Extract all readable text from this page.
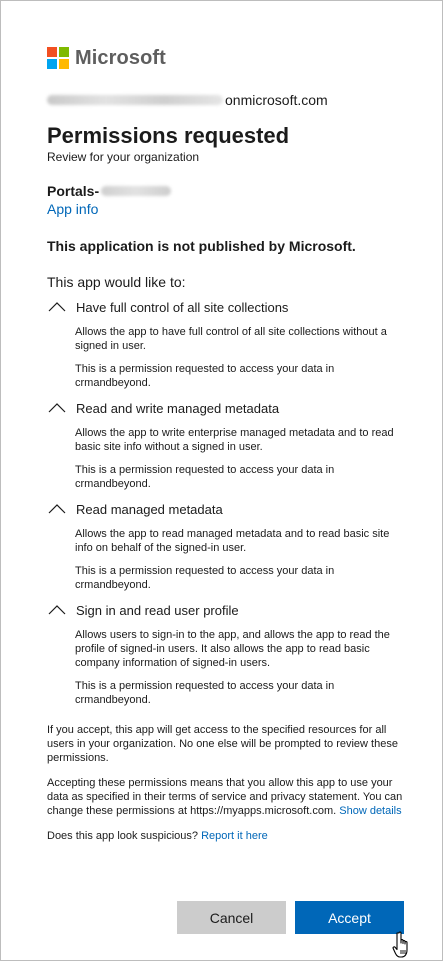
Microsoft
onmicrosoft.com
Permissions requested
Review for your organization
Portals-
App info
This application is not published by Microsoft.
This app would like to:
Have full control of all site collections

Allows the app to have full control of all site collections without a signed in user.

This is a permission requested to access your data in crmandbeyond.

Read and write managed metadata

Allows the app to write enterprise managed metadata and to read basic site info without a signed in user.

This is a permission requested to access your data in crmandbeyond.

Read managed metadata

Allows the app to read managed metadata and to read basic site info on behalf of the signed-in user.

This is a permission requested to access your data in crmandbeyond.

Sign in and read user profile

Allows users to sign-in to the app, and allows the app to read the profile of signed-in users. It also allows the app to read basic company information of signed-in users.

This is a permission requested to access your data in crmandbeyond.

If you accept, this app will get access to the specified resources for all users in your organization. No one else will be prompted to review these permissions.

Accepting these permissions means that you allow this app to use your data as specified in their terms of service and privacy statement. You can change these permissions at https://myapps.microsoft.com. Show details

Does this app look suspicious? Report it here

Cancel	Accept
